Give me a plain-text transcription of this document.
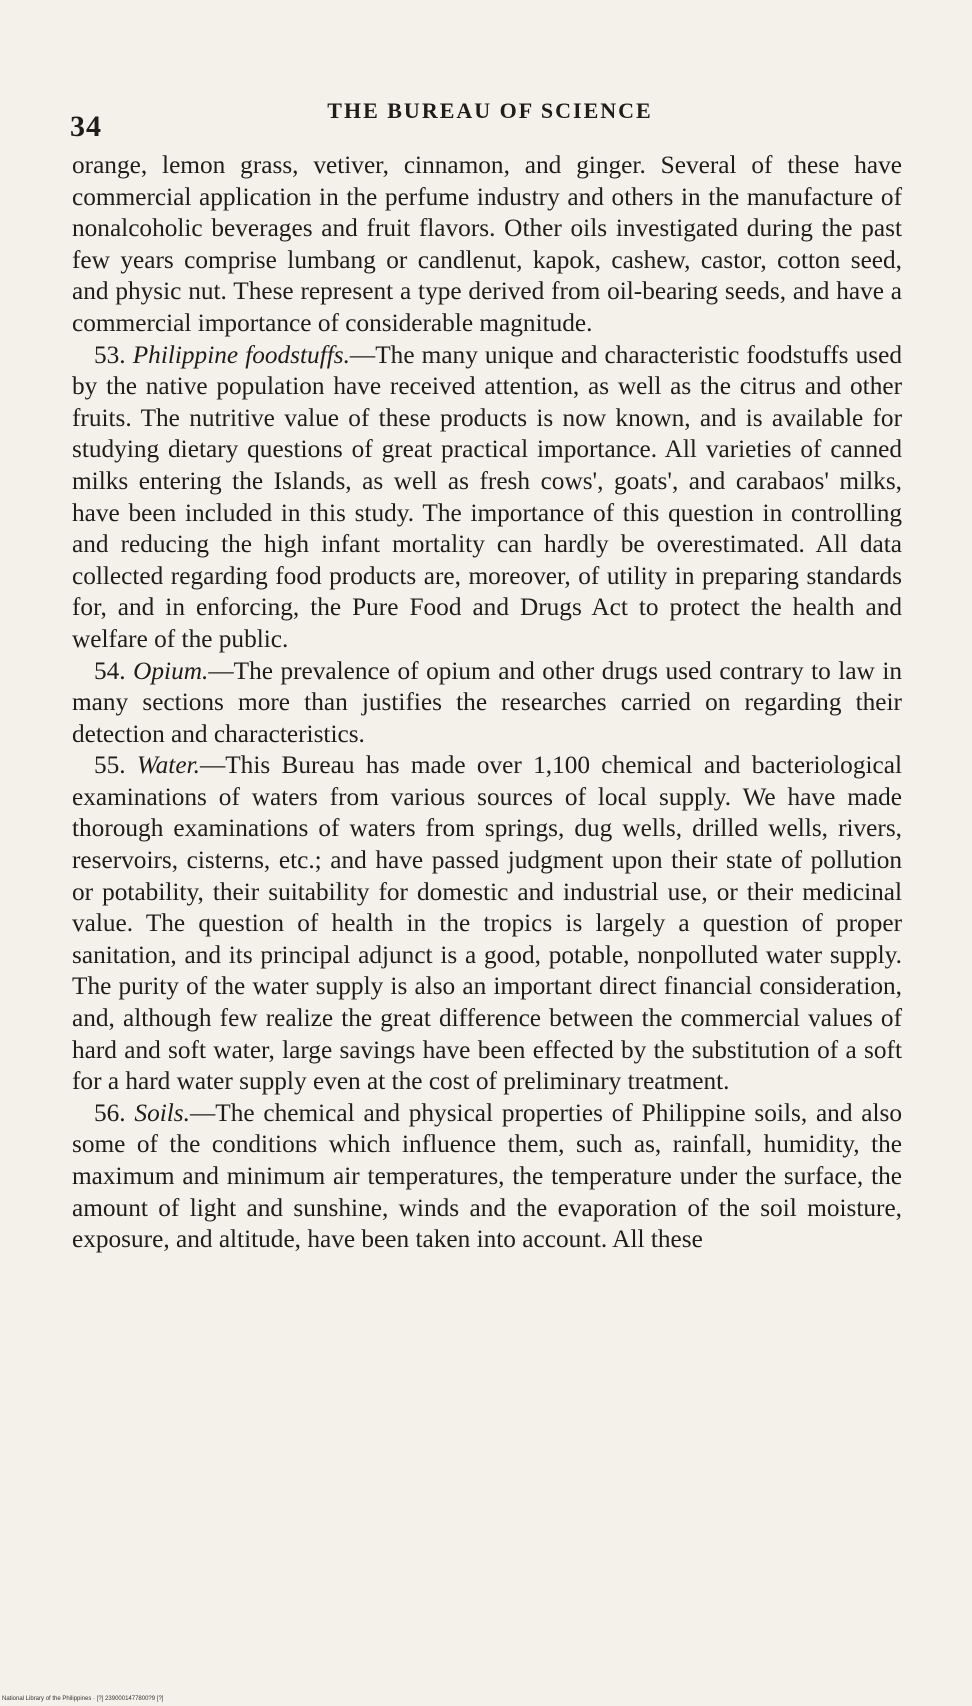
34	THE BUREAU OF SCIENCE

orange, lemon grass, vetiver, cinnamon, and ginger. Several of these have commercial application in the perfume industry and others in the manufacture of nonalcoholic beverages and fruit flavors. Other oils investigated during the past few years comprise lumbang or candlenut, kapok, cashew, castor, cotton seed, and physic nut. These represent a type derived from oil-bearing seeds, and have a commercial importance of considerable magnitude.

53. Philippine foodstuffs.—The many unique and characteristic foodstuffs used by the native population have received attention, as well as the citrus and other fruits. The nutritive value of these products is now known, and is available for studying dietary questions of great practical importance. All varieties of canned milks entering the Islands, as well as fresh cows', goats', and carabaos' milks, have been included in this study. The importance of this question in controlling and reducing the high infant mortality can hardly be overestimated. All data collected regarding food products are, moreover, of utility in preparing standards for, and in enforcing, the Pure Food and Drugs Act to protect the health and welfare of the public.

54. Opium.—The prevalence of opium and other drugs used contrary to law in many sections more than justifies the researches carried on regarding their detection and characteristics.

55. Water.—This Bureau has made over 1,100 chemical and bacteriological examinations of waters from various sources of local supply. We have made thorough examinations of waters from springs, dug wells, drilled wells, rivers, reservoirs, cisterns, etc.; and have passed judgment upon their state of pollution or potability, their suitability for domestic and industrial use, or their medicinal value. The question of health in the tropics is largely a question of proper sanitation, and its principal adjunct is a good, potable, nonpolluted water supply. The purity of the water supply is also an important direct financial consideration, and, although few realize the great difference between the commercial values of hard and soft water, large savings have been effected by the substitution of a soft for a hard water supply even at the cost of preliminary treatment.

56. Soils.—The chemical and physical properties of Philippine soils, and also some of the conditions which influence them, such as, rainfall, humidity, the maximum and minimum air temperatures, the temperature under the surface, the amount of light and sunshine, winds and the evaporation of the soil moisture, exposure, and altitude, have been taken into account. All these

National Library of the Philippines · [?] 2390001477800?9 [?]
